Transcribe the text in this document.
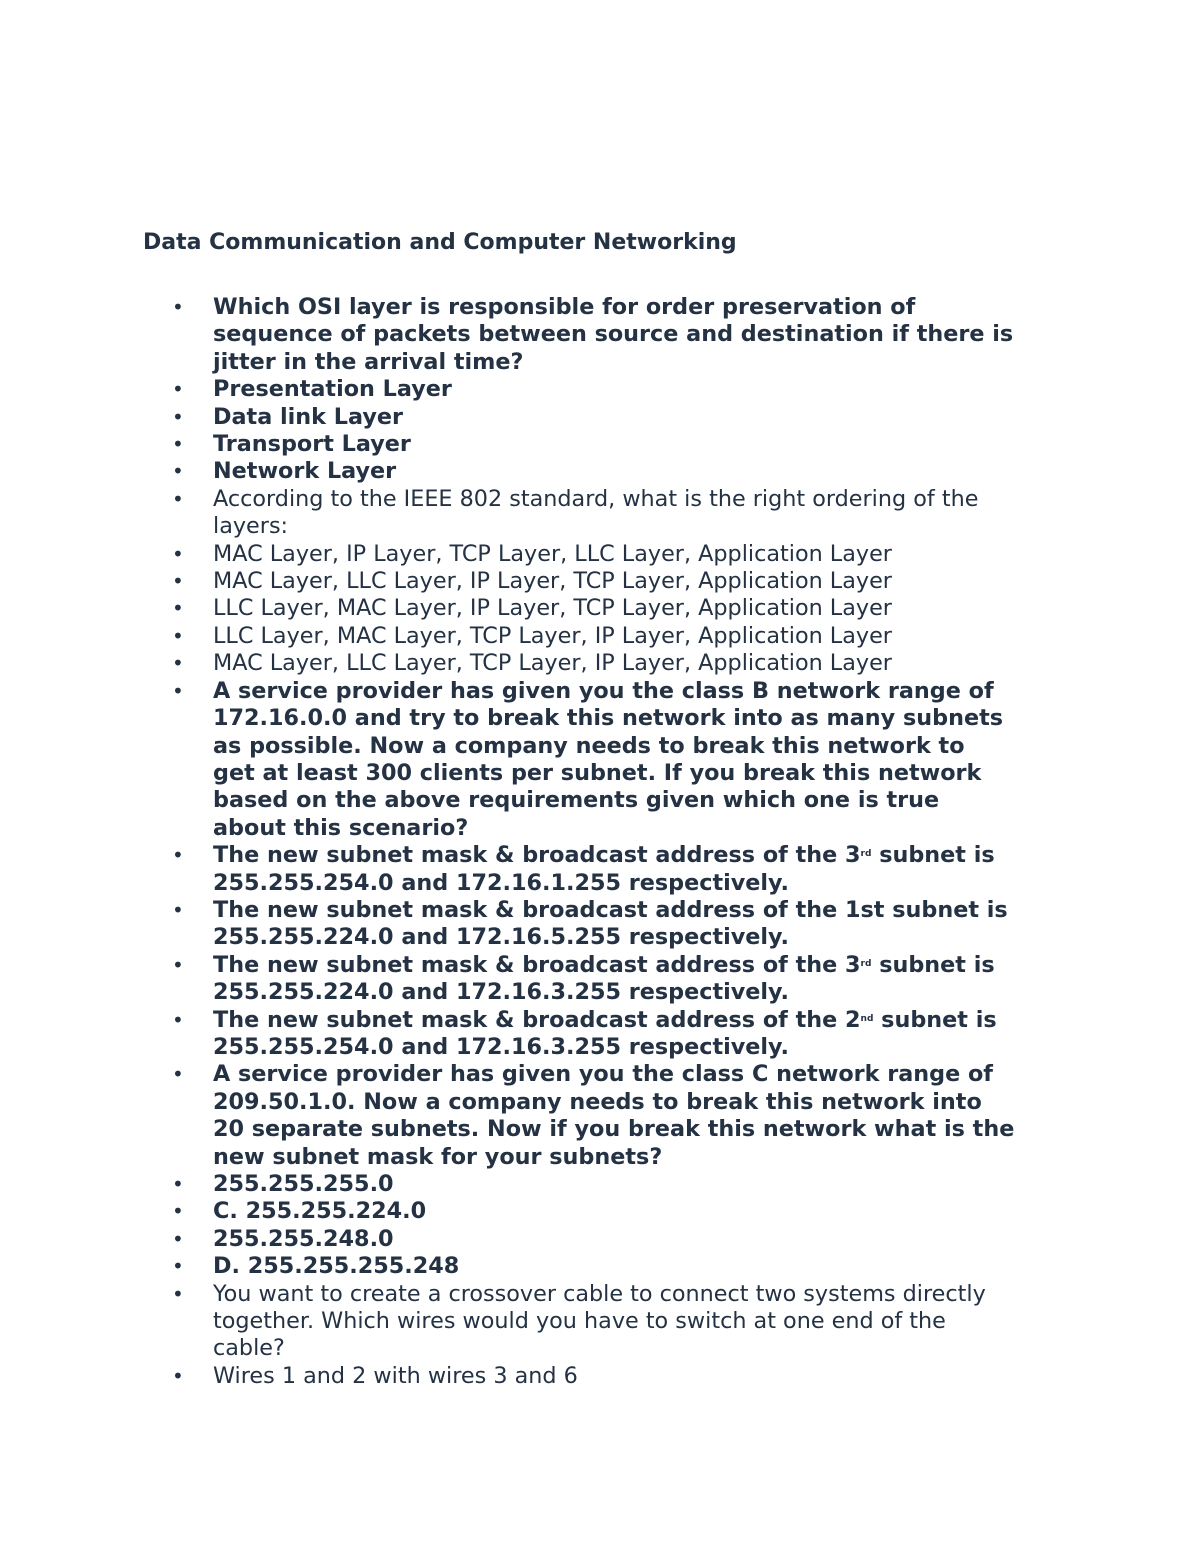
Data Communication and Computer Networking
•
Which OSI layer is responsible for order preservation of
sequence of packets between source and destination if there is
jitter in the arrival time?
•
Presentation Layer
•
Data link Layer
•
Transport Layer
•
Network Layer
•
According to the IEEE 802 standard, what is the right ordering of the
layers:
•
MAC Layer, IP Layer, TCP Layer, LLC Layer, Application Layer
•
MAC Layer, LLC Layer, IP Layer, TCP Layer, Application Layer
•
LLC Layer, MAC Layer, IP Layer, TCP Layer, Application Layer
•
LLC Layer, MAC Layer, TCP Layer, IP Layer, Application Layer
•
MAC Layer, LLC Layer, TCP Layer, IP Layer, Application Layer
•
A service provider has given you the class B network range of
172.16.0.0 and try to break this network into as many subnets
as possible. Now a company needs to break this network to
get at least 300 clients per subnet. If you break this network
based on the above requirements given which one is true
about this scenario?
•
The new subnet mask & broadcast address of the 3rd subnet is
255.255.254.0 and 172.16.1.255 respectively.
•
The new subnet mask & broadcast address of the 1st subnet is
255.255.224.0 and 172.16.5.255 respectively.
•
The new subnet mask & broadcast address of the 3rd subnet is
255.255.224.0 and 172.16.3.255 respectively.
•
The new subnet mask & broadcast address of the 2nd subnet is
255.255.254.0 and 172.16.3.255 respectively.
•
A service provider has given you the class C network range of
209.50.1.0. Now a company needs to break this network into
20 separate subnets. Now if you break this network what is the
new subnet mask for your subnets?
•
255.255.255.0
•
C. 255.255.224.0
•
255.255.248.0
•
D. 255.255.255.248
•
You want to create a crossover cable to connect two systems directly
together. Which wires would you have to switch at one end of the
cable?
•
Wires 1 and 2 with wires 3 and 6
